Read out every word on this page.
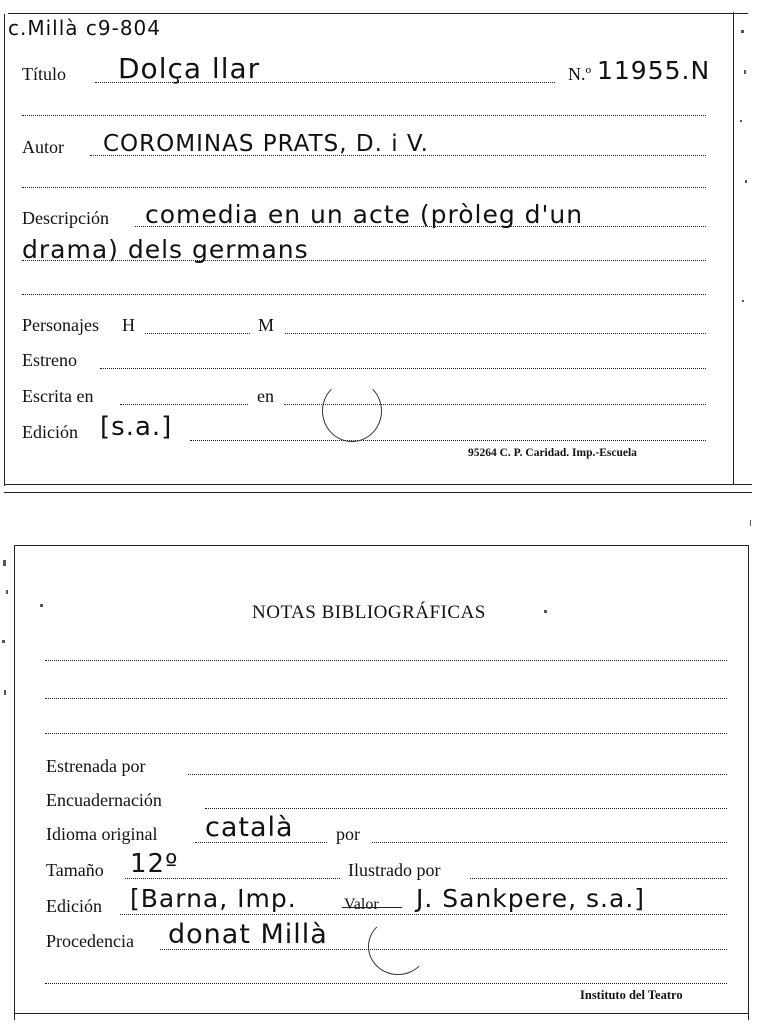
c.Millà c9-804
Título Dolça llar	N.º 11955.N
Autor COROMINAS PRATS, D. i V.
Descripción comedia en un acte (pròleg d'un
drama) dels germans
Personajes H	M
Estreno
Escrita en	en
Edición [s.a.]
95264 C. P. Caridad. Imp.-Escuela
NOTAS BIBLIOGRÁFICAS
Estrenada por
Encuadernación
Idioma original català por
Tamaño 12º	Ilustrado por
Edición [Barna, Imp.	Valor J. Sankpere, s.a.]
Procedencia donat Millà
Instituto del Teatro
